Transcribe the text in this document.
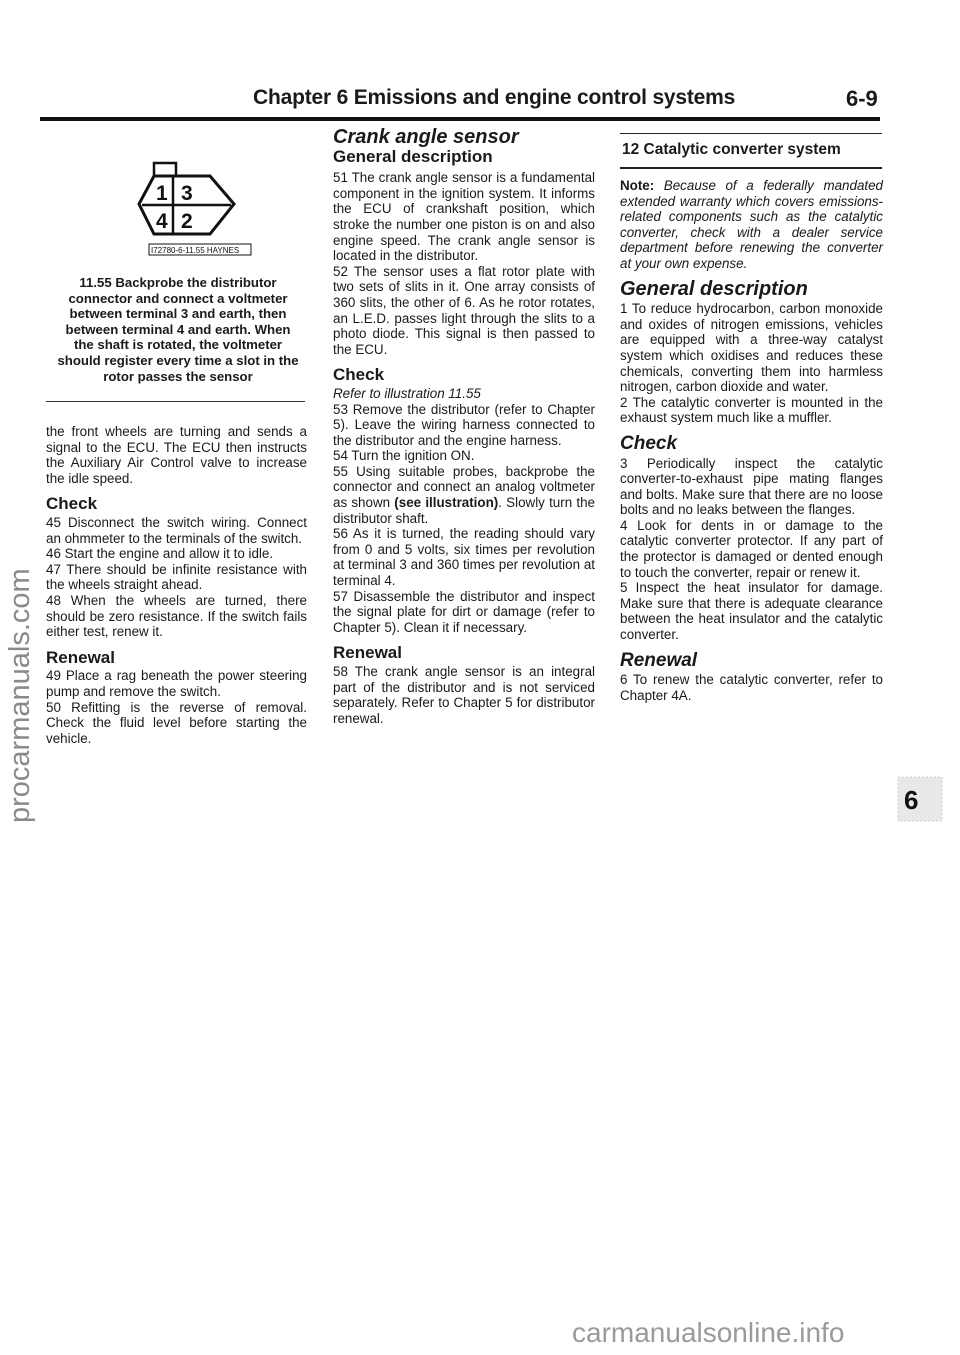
Chapter 6 Emissions and engine control systems	6-9
1 3
4 2
I72780-6-11.55 HAYNES
11.55 Backprobe the distributor connector and connect a voltmeter between terminal 3 and earth, then between terminal 4 and earth. When the shaft is rotated, the voltmeter should register every time a slot in the rotor passes the sensor

the front wheels are turning and sends a signal to the ECU. The ECU then instructs the Auxiliary Air Control valve to increase the idle speed.

Check

45 Disconnect the switch wiring. Connect an ohmmeter to the terminals of the switch.

46 Start the engine and allow it to idle.

47 There should be infinite resistance with the wheels straight ahead.

48 When the wheels are turned, there should be zero resistance. If the switch fails either test, renew it.

Renewal

49 Place a rag beneath the power steering pump and remove the switch.

50 Refitting is the reverse of removal. Check the fluid level before starting the vehicle.

Crank angle sensor
General description

51 The crank angle sensor is a fundamental component in the ignition system. It informs the ECU of crankshaft position, which stroke the number one piston is on and also engine speed. The crank angle sensor is located in the distributor.

52 The sensor uses a flat rotor plate with two sets of slits in it. One array consists of 360 slits, the other of 6. As he rotor rotates, an L.E.D. passes light through the slits to a photo diode. This signal is then passed to the ECU.

Check

Refer to illustration 11.55

53 Remove the distributor (refer to Chapter 5). Leave the wiring harness connected to the distributor and the engine harness.

54 Turn the ignition ON.

55 Using suitable probes, backprobe the connector and connect an analog voltmeter as shown (see illustration). Slowly turn the distributor shaft.

56 As it is turned, the reading should vary from 0 and 5 volts, six times per revolution at terminal 3 and 360 times per revolution at terminal 4.

57 Disassemble the distributor and inspect the signal plate for dirt or damage (refer to Chapter 5). Clean it if necessary.

Renewal

58 The crank angle sensor is an integral part of the distributor and is not serviced separately. Refer to Chapter 5 for distributor renewal.

12 Catalytic converter system

Note: Because of a federally mandated extended warranty which covers emissions-related components such as the catalytic converter, check with a dealer service department before renewing the converter at your own expense.

General description

1 To reduce hydrocarbon, carbon monoxide and oxides of nitrogen emissions, vehicles are equipped with a three-way catalyst system which oxidises and reduces these chemicals, converting them into harmless nitrogen, carbon dioxide and water.

2 The catalytic converter is mounted in the exhaust system much like a muffler.

Check

3 Periodically inspect the catalytic converter-to-exhaust pipe mating flanges and bolts. Make sure that there are no loose bolts and no leaks between the flanges.

4 Look for dents in or damage to the catalytic converter protector. If any part of the protector is damaged or dented enough to touch the converter, repair or renew it.

5 Inspect the heat insulator for damage. Make sure that there is adequate clearance between the heat insulator and the catalytic converter.

Renewal

6 To renew the catalytic converter, refer to Chapter 4A.

6
procarmanuals.com
carmanualsonline.info
